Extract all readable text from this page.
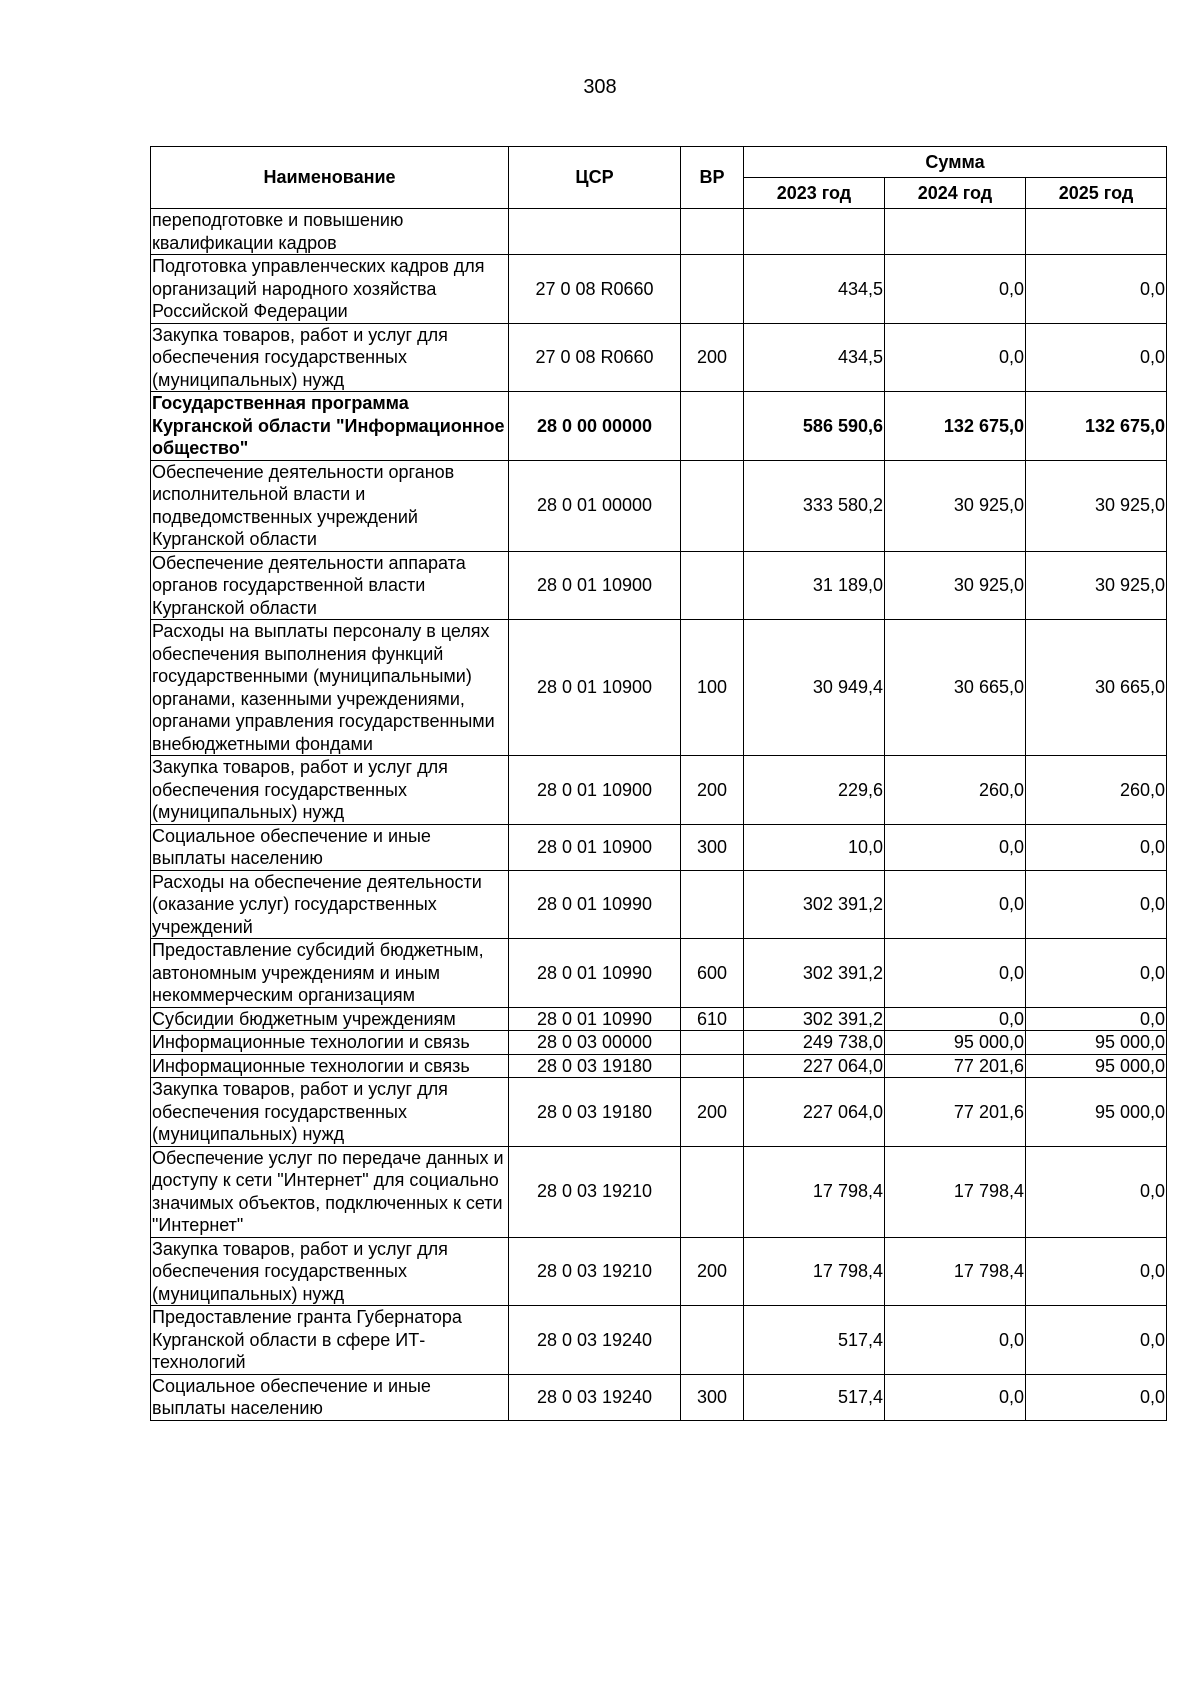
308
Наименование	ЦСР	ВР	Сумма		
			2023 год	2024 год	2025 год
переподготовке и повышению квалификации кадров					
Подготовка управленческих кадров для организаций народного хозяйства Российской Федерации	27 0 08 R0660		434,5	0,0	0,0
Закупка товаров, работ и услуг для обеспечения государственных (муниципальных) нужд	27 0 08 R0660	200	434,5	0,0	0,0
Государственная программа Курганской области "Информационное общество"	28 0 00 00000		586 590,6	132 675,0	132 675,0
Обеспечение деятельности органов исполнительной власти и подведомственных учреждений Курганской области	28 0 01 00000		333 580,2	30 925,0	30 925,0
Обеспечение деятельности аппарата органов государственной власти Курганской области	28 0 01 10900		31 189,0	30 925,0	30 925,0
Расходы на выплаты персоналу в целях обеспечения выполнения функций государственными (муниципальными) органами, казенными учреждениями, органами управления государственными внебюджетными фондами	28 0 01 10900	100	30 949,4	30 665,0	30 665,0
Закупка товаров, работ и услуг для обеспечения государственных (муниципальных) нужд	28 0 01 10900	200	229,6	260,0	260,0
Социальное обеспечение и иные выплаты населению	28 0 01 10900	300	10,0	0,0	0,0
Расходы на обеспечение деятельности (оказание услуг) государственных учреждений	28 0 01 10990		302 391,2	0,0	0,0
Предоставление субсидий бюджетным, автономным учреждениям и иным некоммерческим организациям	28 0 01 10990	600	302 391,2	0,0	0,0
Субсидии бюджетным учреждениям	28 0 01 10990	610	302 391,2	0,0	0,0
Информационные технологии и связь	28 0 03 00000		249 738,0	95 000,0	95 000,0
Информационные технологии и связь	28 0 03 19180		227 064,0	77 201,6	95 000,0
Закупка товаров, работ и услуг для обеспечения государственных (муниципальных) нужд	28 0 03 19180	200	227 064,0	77 201,6	95 000,0
Обеспечение услуг по передаче данных и доступу к сети "Интернет" для социально значимых объектов, подключенных к сети "Интернет"	28 0 03 19210		17 798,4	17 798,4	0,0
Закупка товаров, работ и услуг для обеспечения государственных (муниципальных) нужд	28 0 03 19210	200	17 798,4	17 798,4	0,0
Предоставление гранта Губернатора Курганской области в сфере ИТ-технологий	28 0 03 19240		517,4	0,0	0,0
Социальное обеспечение и иные выплаты населению	28 0 03 19240	300	517,4	0,0	0,0
